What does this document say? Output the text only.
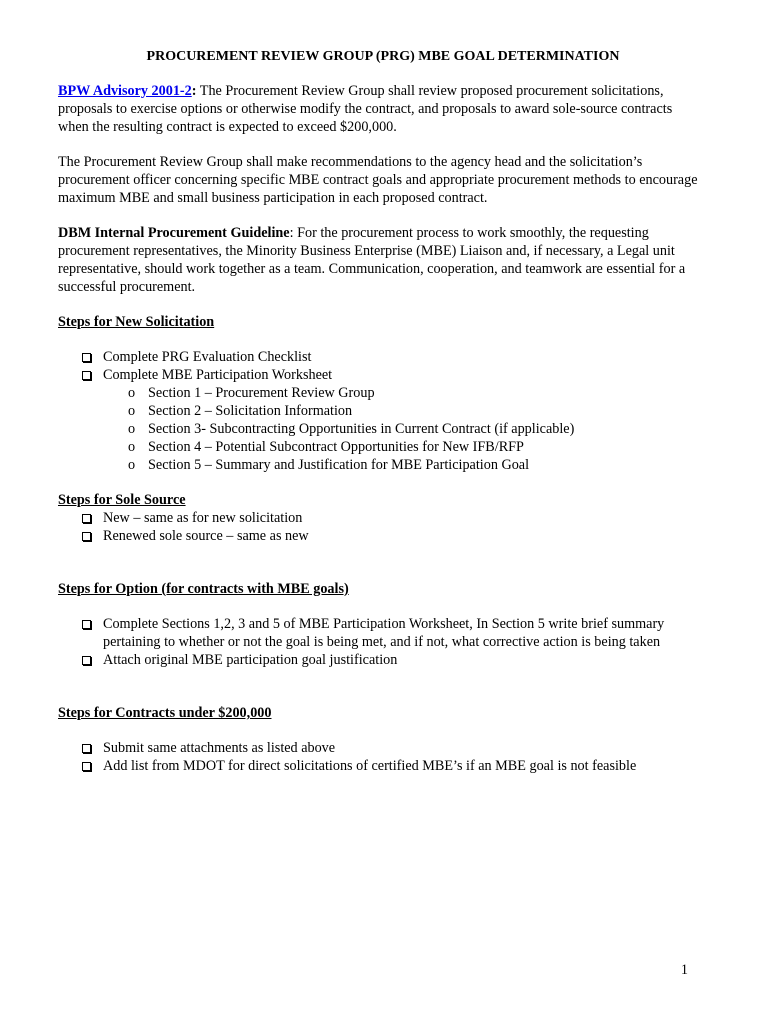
PROCUREMENT REVIEW GROUP (PRG) MBE GOAL DETERMINATION

BPW Advisory 2001-2: The Procurement Review Group shall review proposed procurement solicitations, proposals to exercise options or otherwise modify the contract, and proposals to award sole-source contracts when the resulting contract is expected to exceed $200,000.

The Procurement Review Group shall make recommendations to the agency head and the solicitation’s procurement officer concerning specific MBE contract goals and appropriate procurement methods to encourage maximum MBE and small business participation in each proposed contract.

DBM Internal Procurement Guideline: For the procurement process to work smoothly, the requesting procurement representatives, the Minority Business Enterprise (MBE) Liaison and, if necessary, a Legal unit representative, should work together as a team. Communication, cooperation, and teamwork are essential for a successful procurement.

Steps for New Solicitation
Complete PRG Evaluation Checklist
Complete MBE Participation Worksheet
o Section 1 – Procurement Review Group
o Section 2 – Solicitation Information
o Section 3- Subcontracting Opportunities in Current Contract (if applicable)
o Section 4 – Potential Subcontract Opportunities for New IFB/RFP
o Section 5 – Summary and Justification for MBE Participation Goal
Steps for Sole Source
New – same as for new solicitation
Renewed sole source – same as new
Steps for Option (for contracts with MBE goals)
Complete Sections 1,2, 3 and 5 of MBE Participation Worksheet, In Section 5 write brief summary pertaining to whether or not the goal is being met, and if not, what corrective action is being taken
Attach original MBE participation goal justification
Steps for Contracts under $200,000
Submit same attachments as listed above
Add list from MDOT for direct solicitations of certified MBE’s if an MBE goal is not feasible
1
